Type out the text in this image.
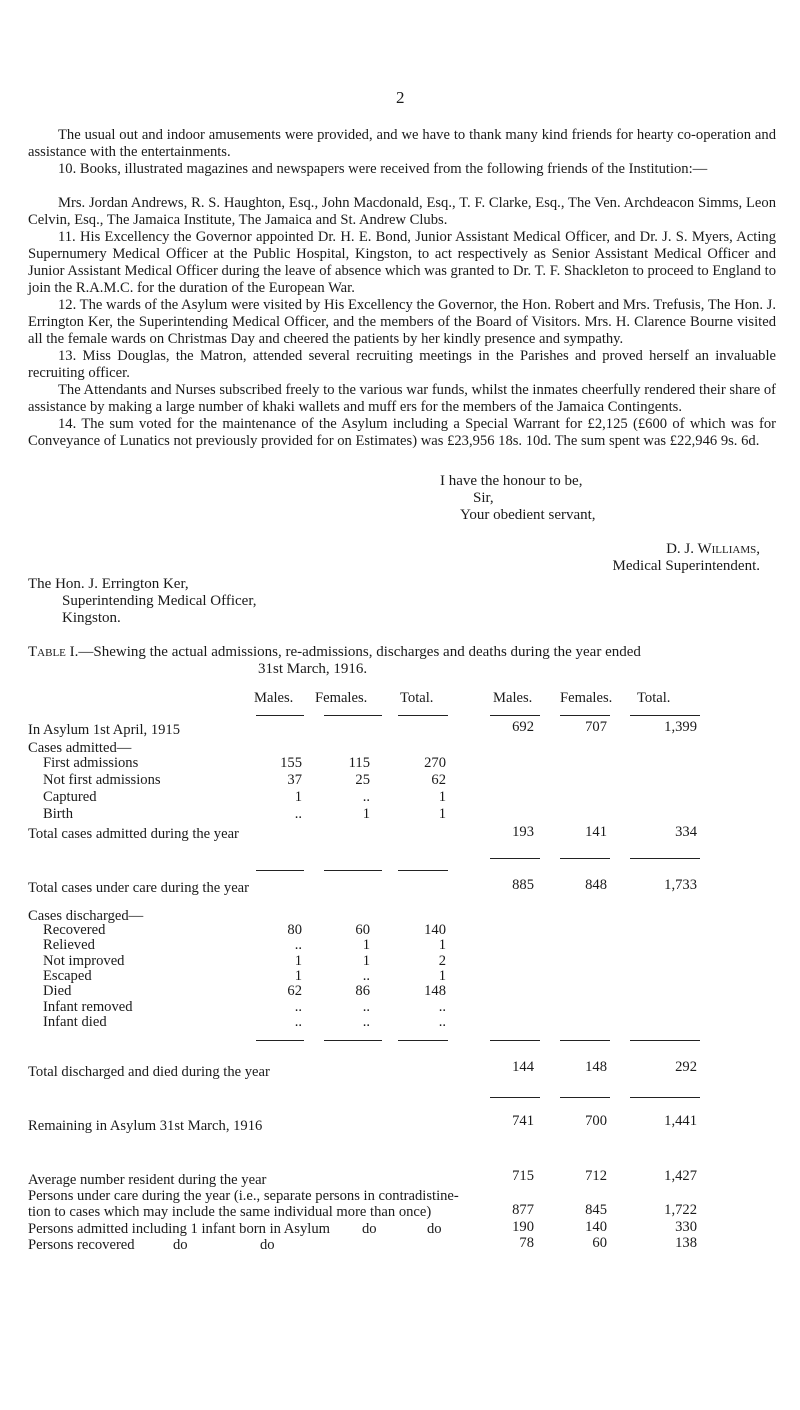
2
The usual out and indoor amusements were provided, and we have to thank many kind friends for hearty co-operation and assistance with the entertainments.
10. Books, illustrated magazines and newspapers were received from the following friends of the Institution:—
Mrs. Jordan Andrews, R. S. Haughton, Esq., John Macdonald, Esq., T. F. Clarke, Esq., The Ven. Archdeacon Simms, Leon Celvin, Esq., The Jamaica Institute, The Jamaica and St. Andrew Clubs.
11. His Excellency the Governor appointed Dr. H. E. Bond, Junior Assistant Medical Officer, and Dr. J. S. Myers, Acting Supernumery Medical Officer at the Public Hospital, Kingston, to act respectively as Senior Assistant Medical Officer and Junior Assistant Medical Officer during the leave of absence which was granted to Dr. T. F. Shackleton to proceed to England to join the R.A.M.C. for the duration of the European War.
12. The wards of the Asylum were visited by His Excellency the Governor, the Hon. Robert and Mrs. Trefusis, The Hon. J. Errington Ker, the Superintending Medical Officer, and the members of the Board of Visitors. Mrs. H. Clarence Bourne visited all the female wards on Christmas Day and cheered the patients by her kindly presence and sympathy.
13. Miss Douglas, the Matron, attended several recruiting meetings in the Parishes and proved herself an invaluable recruiting officer.
The Attendants and Nurses subscribed freely to the various war funds, whilst the inmates cheerfully rendered their share of assistance by making a large number of khaki wallets and muff ers for the members of the Jamaica Contingents.
14. The sum voted for the maintenance of the Asylum including a Special Warrant for £2,125 (£600 of which was for Conveyance of Lunatics not previously provided for on Estimates) was £23,956 18s. 10d. The sum spent was £22,946 9s. 6d.
I have the honour to be,
Sir,
Your obedient servant,
D. J. Williams,
Medical Superintendent.
The Hon. J. Errington Ker,
Superintending Medical Officer,
Kingston.
Table I.—Shewing the actual admissions, re-admissions, discharges and deaths during the year ended
31st March, 1916.
Males. Females. Total.	Males. Females. Total.
In Asylum 1st April, 1915	692	707	1,399
Cases admitted—
First admissions	155	115	270
Not first admissions	37	25	62
Captured	1	..	1
Birth	..	1	1
Total cases admitted during the year	193	141	334
Total cases under care during the year	885	848	1,733
Cases discharged—
Recovered	80	60	140
Relieved	..	1	1
Not improved	1	1	2
Escaped	1	..	1
Died	62	86	148
Infant removed	..	..	..
Infant died	..	..	..
Total discharged and died during the year	144	148	292
Remaining in Asylum 31st March, 1916	741	700	1,441
Average number resident during the year	715	712	1,427
Persons under care during the year (i.e., separate persons in contradistine-
tion to cases which may include the same individual more than once)	877	845	1,722
Persons admitted including 1 infant born in Asylum do	do	190	140	330
Persons recovered	do	do	78	60	138
